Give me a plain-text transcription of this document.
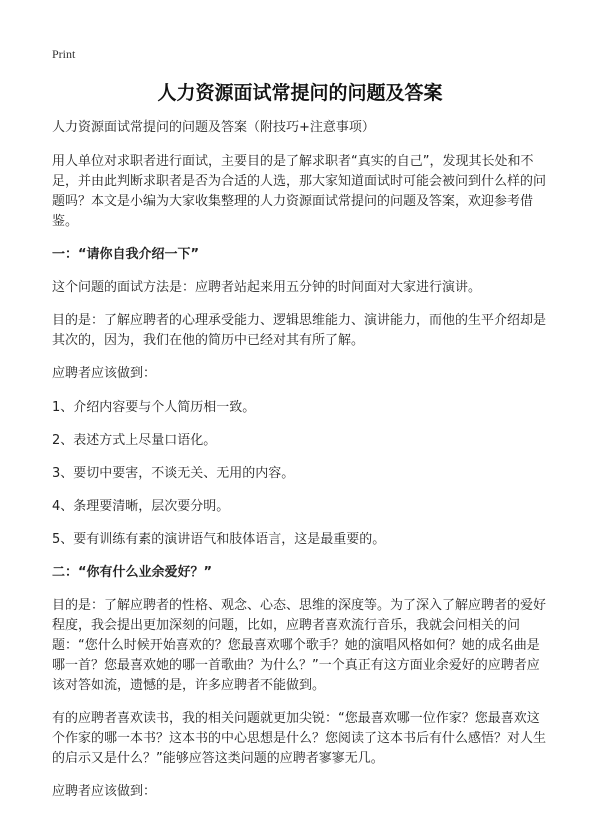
Print
人力资源面试常提问的问题及答案

人力资源面试常提问的问题及答案（附技巧+注意事项）

用人单位对求职者进行面试，主要目的是了解求职者“真实的自己”，发现其长处和不足，并由此判断求职者是否为合适的人选，那大家知道面试时可能会被问到什么样的问题吗？本文是小编为大家收集整理的人力资源面试常提问的问题及答案，欢迎参考借鉴。

一：“请你自我介绍一下”

这个问题的面试方法是：应聘者站起来用五分钟的时间面对大家进行演讲。

目的是：了解应聘者的心理承受能力、逻辑思维能力、演讲能力，而他的生平介绍却是其次的，因为，我们在他的简历中已经对其有所了解。

应聘者应该做到：

1、介绍内容要与个人简历相一致。

2、表述方式上尽量口语化。

3、要切中要害，不谈无关、无用的内容。

4、条理要清晰，层次要分明。

5、要有训练有素的演讲语气和肢体语言，这是最重要的。

二：“你有什么业余爱好？”

目的是：了解应聘者的性格、观念、心态、思维的深度等。为了深入了解应聘者的爱好程度，我会提出更加深刻的问题，比如，应聘者喜欢流行音乐，我就会问相关的问题：“您什么时候开始喜欢的？您最喜欢哪个歌手？她的演唱风格如何？她的成名曲是哪一首？您最喜欢她的哪一首歌曲？为什么？”一个真正有这方面业余爱好的应聘者应该对答如流，遗憾的是，许多应聘者不能做到。

有的应聘者喜欢读书，我的相关问题就更加尖锐：“您最喜欢哪一位作家？您最喜欢这个作家的哪一本书？这本书的中心思想是什么？您阅读了这本书后有什么感悟？对人生的启示又是什么？”能够应答这类问题的应聘者寥寥无几。

应聘者应该做到：
